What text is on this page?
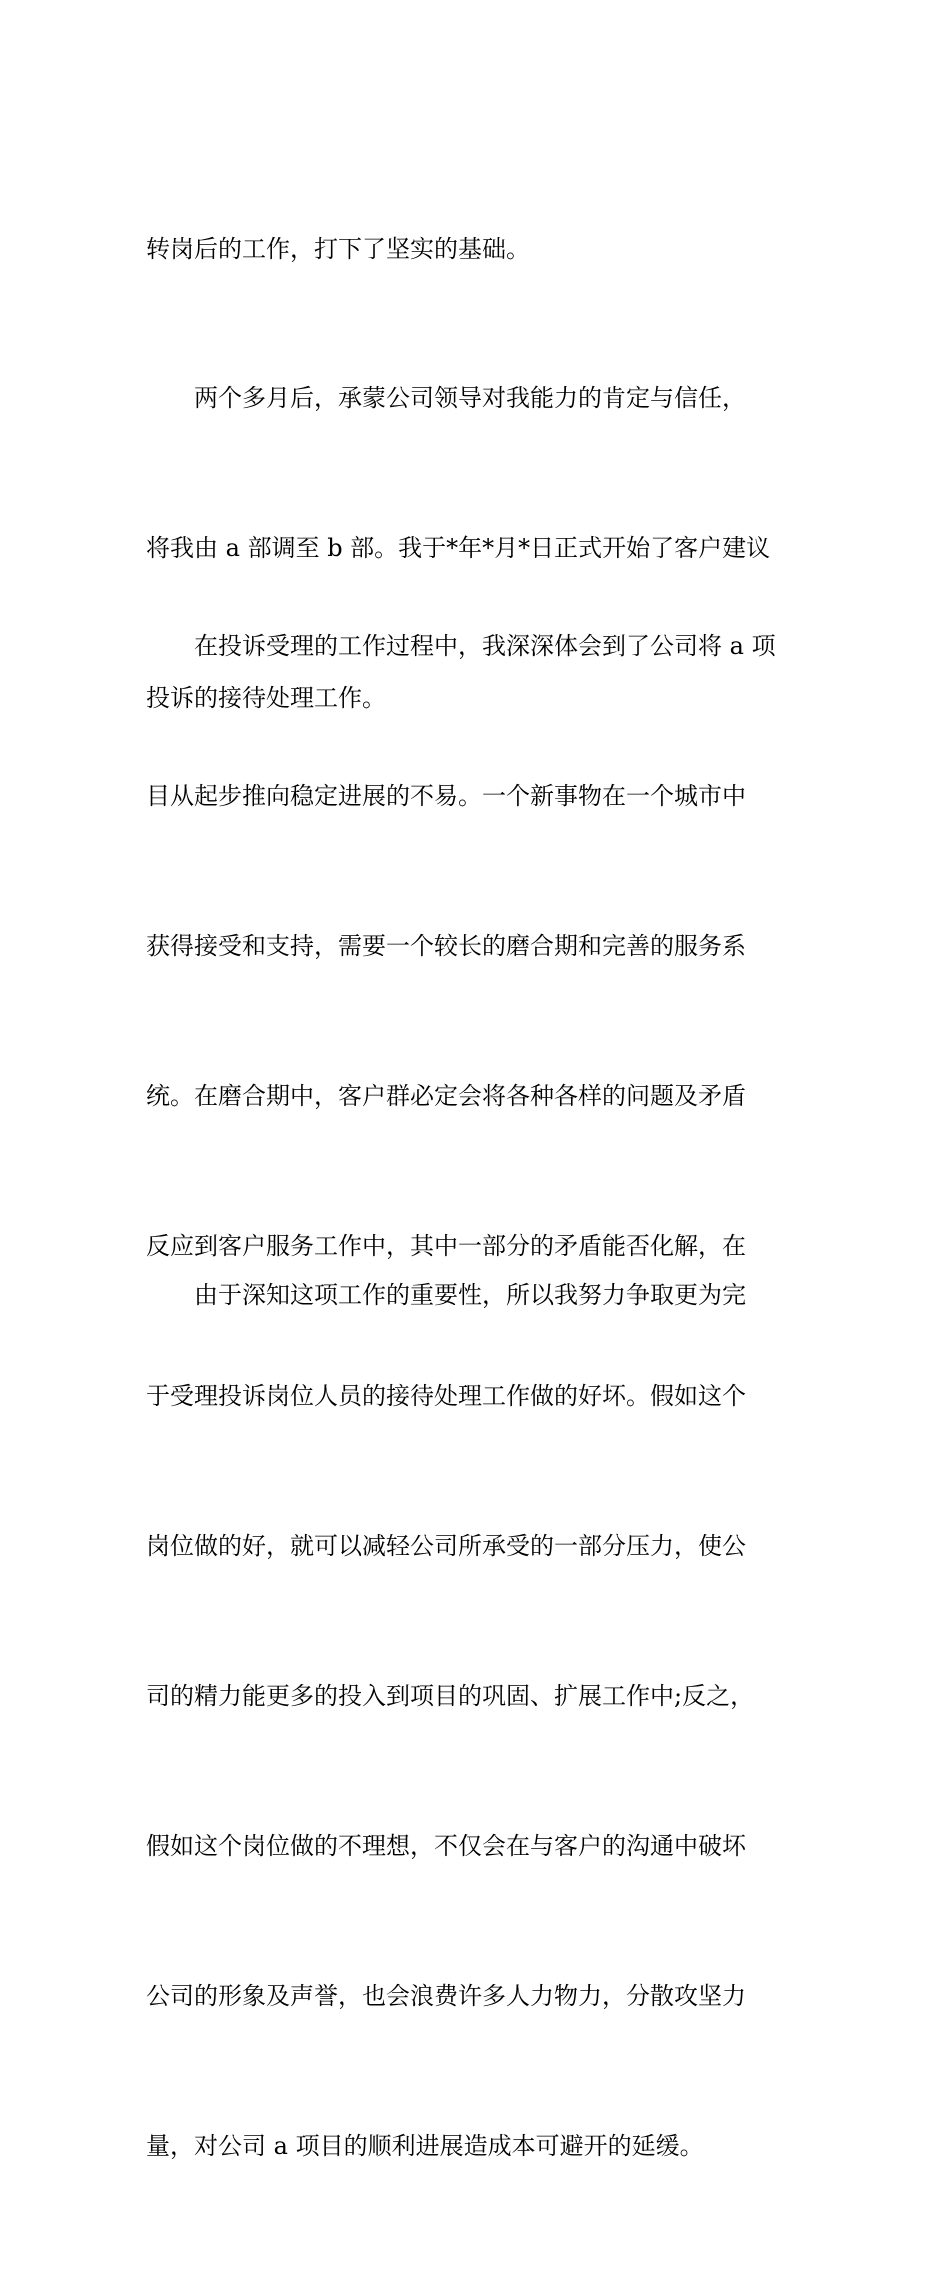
转岗后的工作，打下了坚实的基础。

　　两个多月后，承蒙公司领导对我能力的肯定与信任，

将我由 a 部调至 b 部。我于*年*月*日正式开始了客户建议

投诉的接待处理工作。

　　在投诉受理的工作过程中，我深深体会到了公司将 a 项

目从起步推向稳定进展的不易。一个新事物在一个城市中

获得接受和支持，需要一个较长的磨合期和完善的服务系

统。在磨合期中，客户群必定会将各种各样的问题及矛盾

反应到客户服务工作中，其中一部分的矛盾能否化解，在

于受理投诉岗位人员的接待处理工作做的好坏。假如这个

岗位做的好，就可以减轻公司所承受的一部分压力，使公

司的精力能更多的投入到项目的巩固、扩展工作中;反之，

假如这个岗位做的不理想，不仅会在与客户的沟通中破坏

公司的形象及声誉，也会浪费许多人力物力，分散攻坚力

量，对公司 a 项目的顺利进展造成本可避开的延缓。

　　由于深知这项工作的重要性，所以我努力争取更为完
